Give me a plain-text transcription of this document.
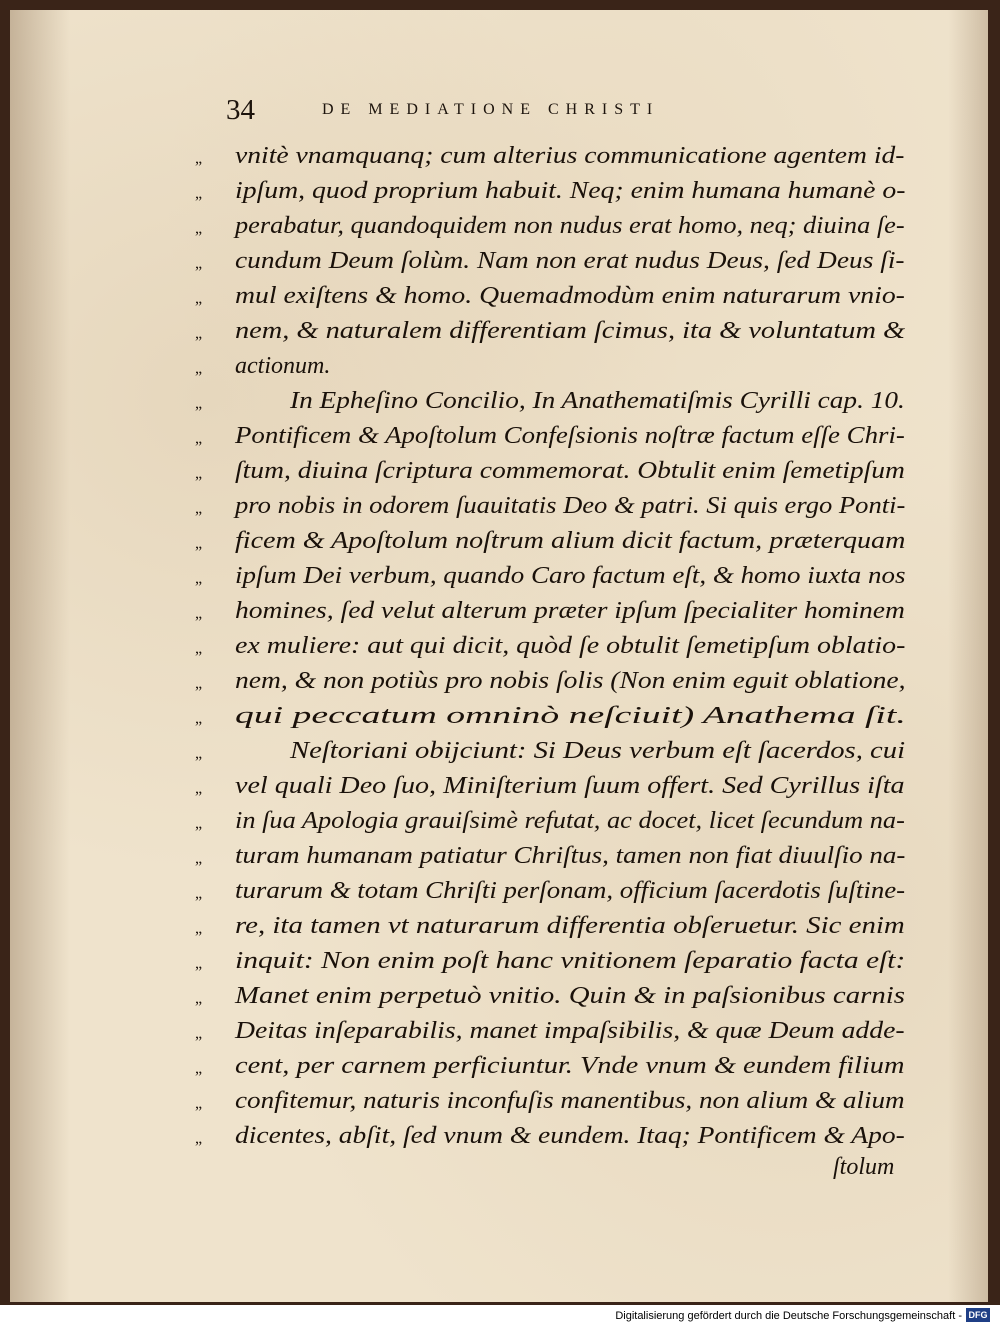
34	DE MEDIATIONE CHRISTI
„	vnitè vnamquanq; cum alterius communicatione agentem id-
„	ipſum, quod proprium habuit. Neq; enim humana humanè o-
„	perabatur, quandoquidem non nudus erat homo, neq; diuina ſe-
„	cundum Deum ſolùm. Nam non erat nudus Deus, ſed Deus ſi-
„	mul exiſtens & homo. Quemadmodùm enim naturarum vnio-
„	nem, & naturalem differentiam ſcimus, ita & voluntatum &
„	actionum.
„	In Epheſino Concilio, In Anathematiſmis Cyrilli cap. 10.
„	Pontificem & Apoſtolum Confeſsionis noſtræ factum eſſe Chri-
„	ſtum, diuina ſcriptura commemorat. Obtulit enim ſemetipſum
„	pro nobis in odorem ſuauitatis Deo & patri. Si quis ergo Ponti-
„	ficem & Apoſtolum noſtrum alium dicit factum, præterquam
„	ipſum Dei verbum, quando Caro factum eſt, & homo iuxta nos
„	homines, ſed velut alterum præter ipſum ſpecialiter hominem
„	ex muliere: aut qui dicit, quòd ſe obtulit ſemetipſum oblatio-
„	nem, & non potiùs pro nobis ſolis (Non enim eguit oblatione,
„	qui peccatum omninò neſciuit) Anathema ſit.
„	Neſtoriani obijciunt: Si Deus verbum eſt ſacerdos, cui
„	vel quali Deo ſuo, Miniſterium ſuum offert. Sed Cyrillus iſta
„	in ſua Apologia grauiſsimè refutat, ac docet, licet ſecundum na-
„	turam humanam patiatur Chriſtus, tamen non fiat diuulſio na-
„	turarum & totam Chriſti perſonam, officium ſacerdotis ſuſtine-
„	re, ita tamen vt naturarum differentia obſeruetur. Sic enim
„	inquit: Non enim poſt hanc vnitionem ſeparatio facta eſt:
„	Manet enim perpetuò vnitio. Quin & in paſsionibus carnis
„	Deitas inſeparabilis, manet impaſsibilis, & quæ Deum adde-
„	cent, per carnem perficiuntur. Vnde vnum & eundem filium
„	confitemur, naturis inconfuſis manentibus, non alium & alium
„	dicentes, abſit, ſed vnum & eundem. Itaq; Pontificem & Apo-
ſtolum
Digitalisierung gefördert durch die Deutsche Forschungsgemeinschaft - DFG
